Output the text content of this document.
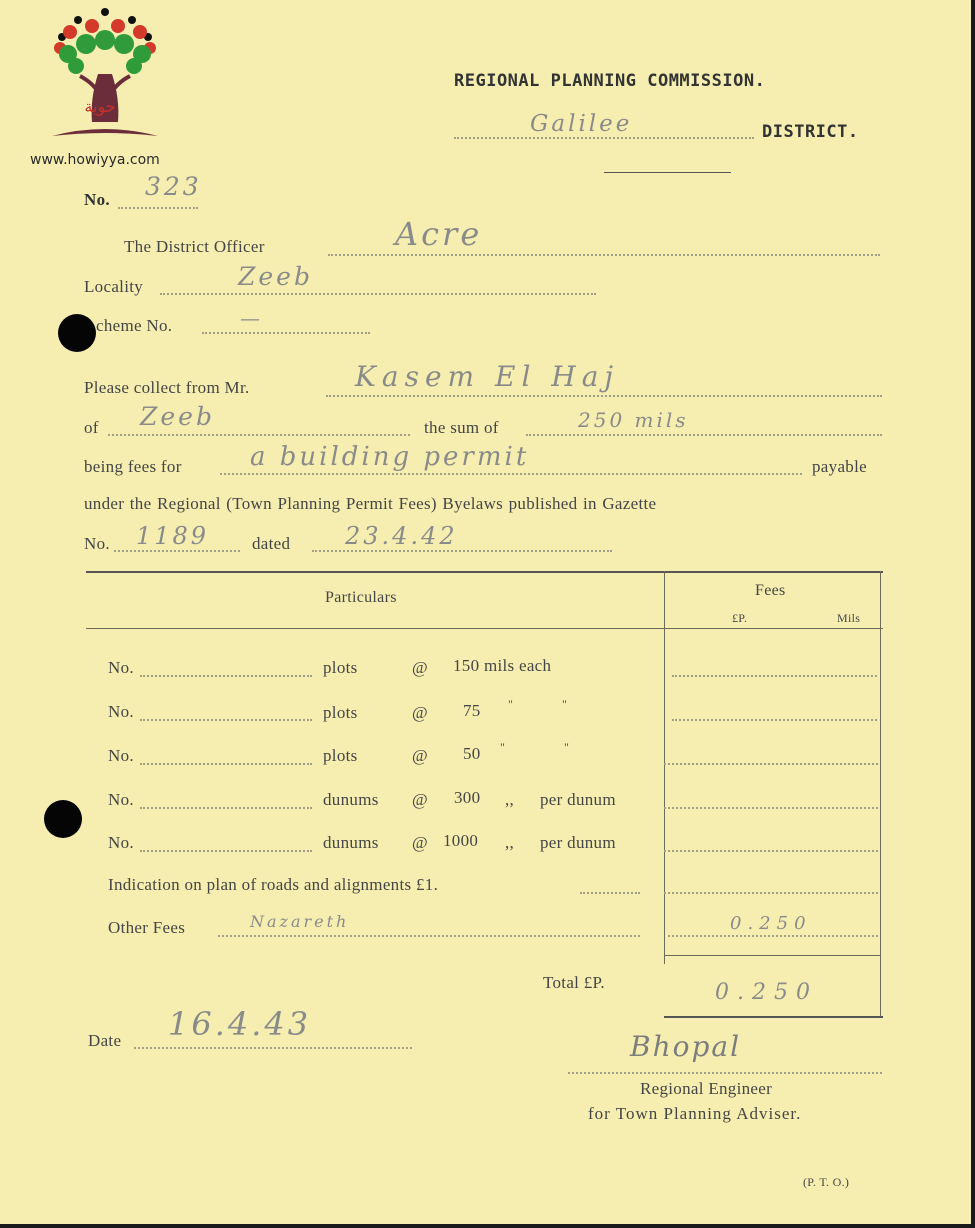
حوية
www.howiyya.com
REGIONAL PLANNING COMMISSION.
Galilee	DISTRICT.
No. 323
The District Officer	Acre
Locality	Zeeb
cheme No.	—
Please collect from Mr.	Kasem El Haj
of Zeeb	the sum of	250 mils
being fees for	a building permit	payable
under the Regional (Town Planning Permit Fees) Byelaws published in Gazette
No. 1189	dated 23.4.42
Particulars	Fees
£P.	Mils
No.	plots	@ 150 mils each
No.	plots	@ 75 "	"
No.	plots	@ 50 "	"
No.	dunums @ 300 ,, per dunum
No.	dunums @ 1000 ,, per dunum
Indication on plan of roads and alignments £1.
Other Fees	Nazareth	0.250
Total £P.	0.250
Date 16.4.43
Bhopal
Regional Engineer
for Town Planning Adviser.
(P. T. O.)
